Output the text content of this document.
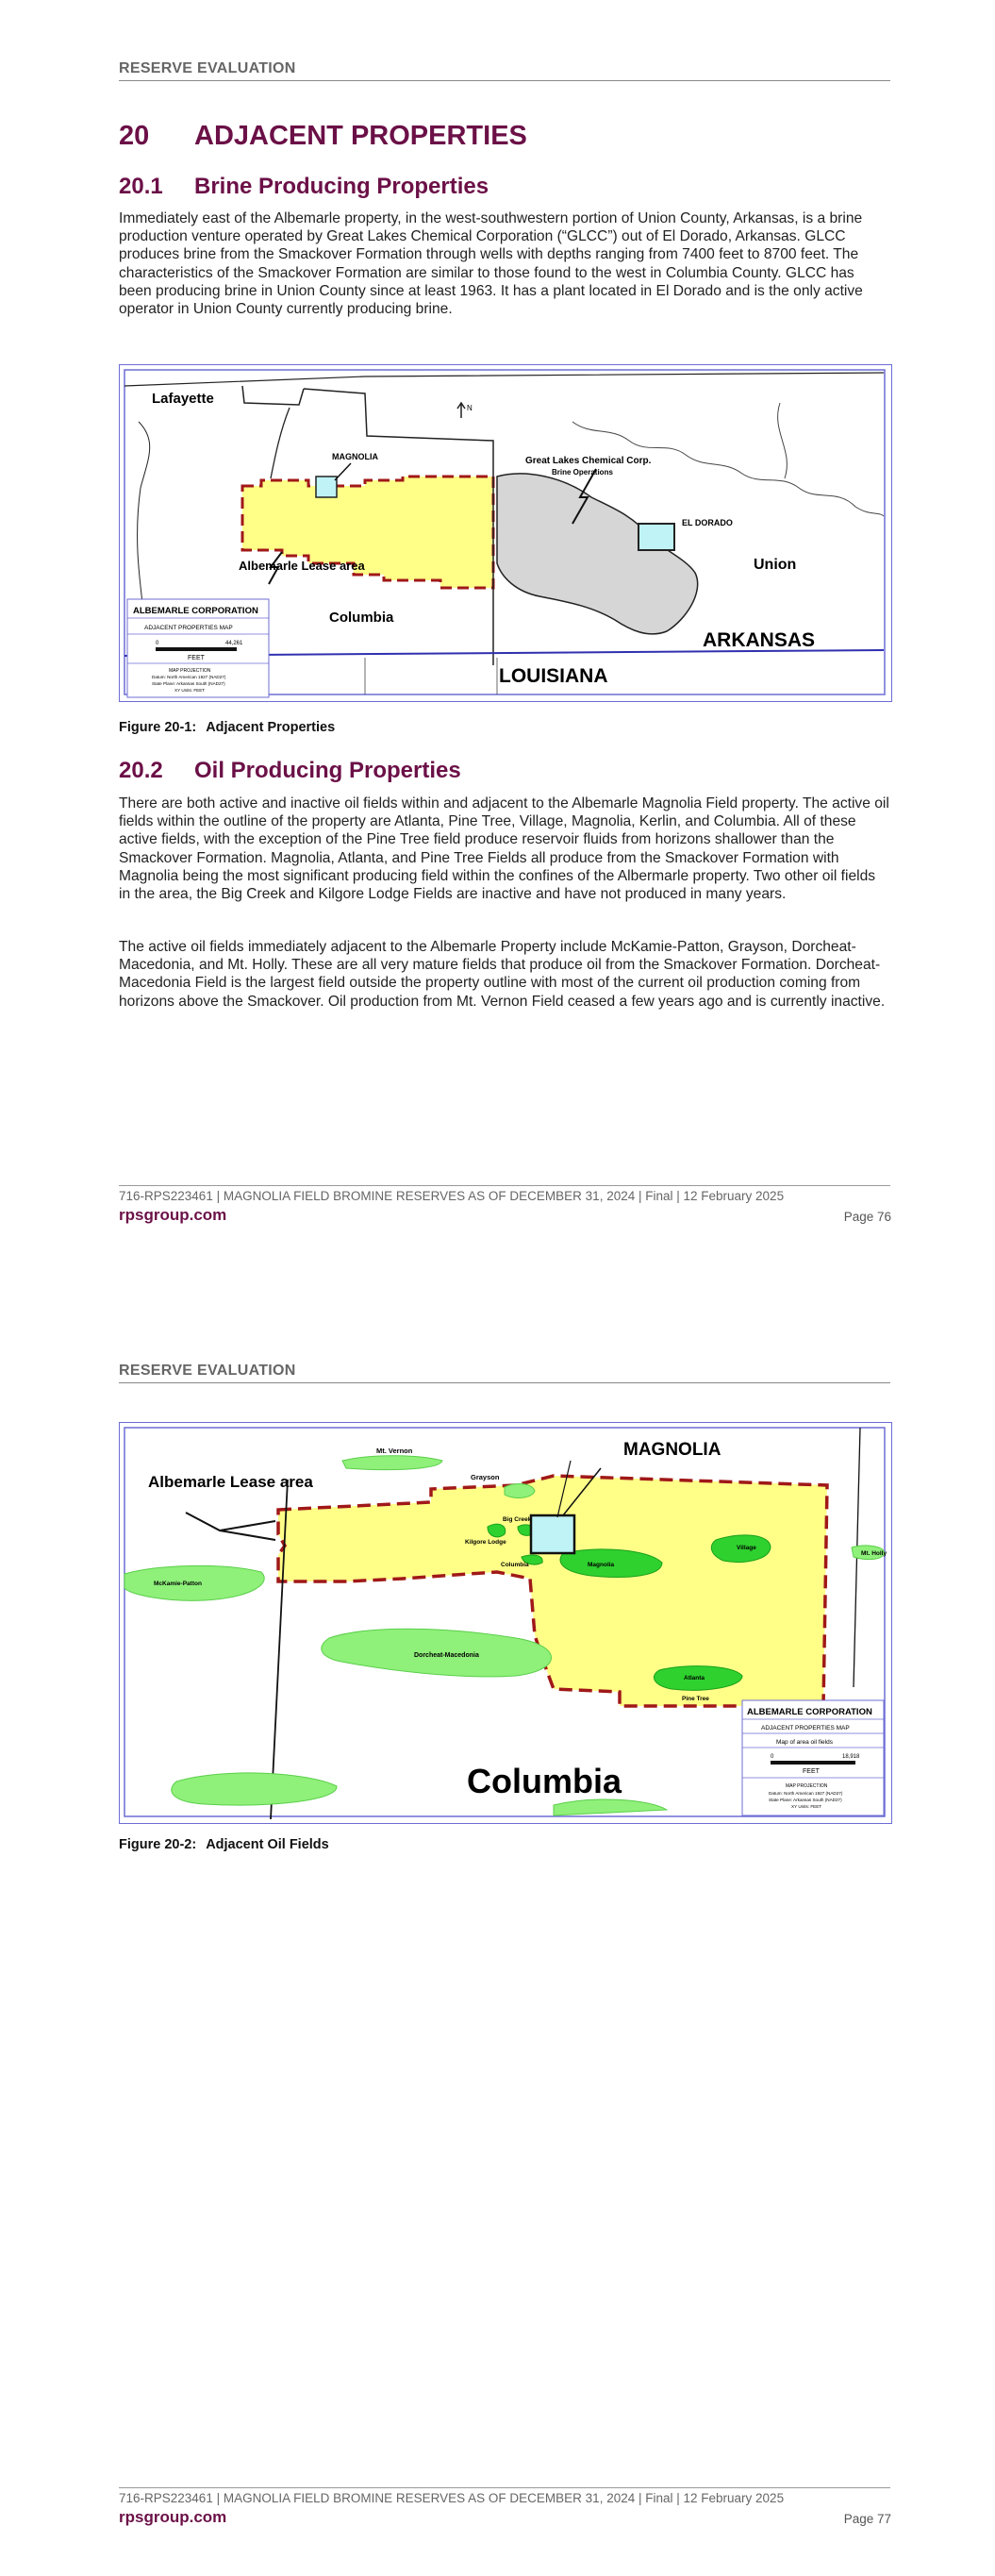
RESERVE EVALUATION
20 ADJACENT PROPERTIES
20.1 Brine Producing Properties

Immediately east of the Albemarle property, in the west-southwestern portion of Union County, Arkansas, is a brine production venture operated by Great Lakes Chemical Corporation (“GLCC”) out of El Dorado, Arkansas. GLCC produces brine from the Smackover Formation through wells with depths ranging from 7400 feet to 8700 feet. The characteristics of the Smackover Formation are similar to those found to the west in Columbia County. GLCC has been producing brine in Union County since at least 1963. It has a plant located in El Dorado and is the only active operator in Union County currently producing brine.

N
Lafayette
MAGNOLIA	Great Lakes Chemical Corp.
Brine Operations
EL DORADO
Albemarle Lease area
Columbia
Union
ARKANSAS
LOUISIANA
ALBEMARLE CORPORATION
ADJACENT PROPERTIES MAP
0	44,261
FEET
MAP PROJECTION
Datum: North American 1927 (NAD27)
State Plane: Arkansas South (NAD27)
XY Units: FEET
Figure 20-1: Adjacent Properties
20.2 Oil Producing Properties

There are both active and inactive oil fields within and adjacent to the Albemarle Magnolia Field property. The active oil fields within the outline of the property are Atlanta, Pine Tree, Village, Magnolia, Kerlin, and Columbia. All of these active fields, with the exception of the Pine Tree field produce reservoir fluids from horizons shallower than the Smackover Formation. Magnolia, Atlanta, and Pine Tree Fields all produce from the Smackover Formation with Magnolia being the most significant producing field within the confines of the Albermarle property. Two other oil fields in the area, the Big Creek and Kilgore Lodge Fields are inactive and have not produced in many years.

The active oil fields immediately adjacent to the Albemarle Property include McKamie-Patton, Grayson, Dorcheat-Macedonia, and Mt. Holly. These are all very mature fields that produce oil from the Smackover Formation. Dorcheat-Macedonia Field is the largest field outside the property outline with most of the current oil production coming from horizons above the Smackover. Oil production from Mt. Vernon Field ceased a few years ago and is currently inactive.

716-RPS223461 | MAGNOLIA FIELD BROMINE RESERVES AS OF DECEMBER 31, 2024 | Final | 12 February 2025
rpsgroup.com	Page 76
RESERVE EVALUATION
MAGNOLIA
Albemarle Lease area
Mt. Vernon
Grayson
Big Creek
Kilgore Lodge
Columbia	Magnolia
Village
Mt. Holly
McKamie-Patton
Dorcheat-Macedonia
Atlanta
Pine Tree
Columbia
ALBEMARLE CORPORATION
ADJACENT PROPERTIES MAP
Map of area oil fields
0	18,918
FEET
MAP PROJECTION
Datum: North American 1927 (NAD27)
State Plane: Arkansas South (NAD27)
XY Units: FEET
Figure 20-2: Adjacent Oil Fields
716-RPS223461 | MAGNOLIA FIELD BROMINE RESERVES AS OF DECEMBER 31, 2024 | Final | 12 February 2025
rpsgroup.com	Page 77
